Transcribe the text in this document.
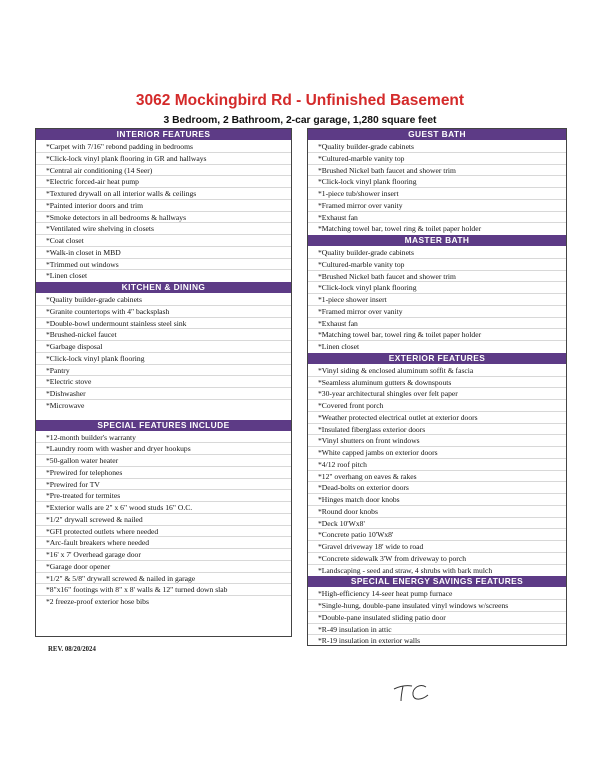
3062 Mockingbird Rd - Unfinished Basement
3 Bedroom, 2 Bathroom, 2-car garage, 1,280 square feet
INTERIOR FEATURES
*Carpet with 7/16" rebond padding in bedrooms
*Click-lock vinyl plank flooring in GR and hallways
*Central air conditioning (14 Seer)
*Electric forced-air heat pump
*Textured drywall on all interior walls & ceilings
*Painted interior doors and trim
*Smoke detectors in all bedrooms & hallways
*Ventilated wire shelving in closets
*Coat closet
*Walk-in closet in MBD
*Trimmed out windows
*Linen closet
KITCHEN & DINING
*Quality builder-grade cabinets
*Granite countertops with 4" backsplash
*Double-bowl undermount stainless steel sink
*Brushed-nickel faucet
*Garbage disposal
*Click-lock vinyl plank flooring
*Pantry
*Electric stove
*Dishwasher
*Microwave
SPECIAL FEATURES INCLUDE
*12-month builder's warranty
*Laundry room with washer and dryer hookups
*50-gallon water heater
*Prewired for telephones
*Prewired for TV
*Pre-treated for termites
*Exterior walls are 2" x 6" wood studs 16" O.C.
*1/2" drywall screwed & nailed
*GFI protected outlets where needed
*Arc-fault breakers where needed
*16' x 7' Overhead garage door
*Garage door opener
*1/2" & 5/8" drywall screwed & nailed in garage
*8"x16" footings with 8" x 8' walls & 12" turned down slab
*2 freeze-proof exterior hose bibs
GUEST BATH
*Quality builder-grade cabinets
*Cultured-marble vanity top
*Brushed Nickel bath faucet and shower trim
*Click-lock vinyl plank flooring
*1-piece tub/shower insert
*Framed mirror over vanity
*Exhaust fan
*Matching towel bar, towel ring & toilet paper holder
MASTER BATH
*Quality builder-grade cabinets
*Cultured-marble vanity top
*Brushed Nickel bath faucet and shower trim
*Click-lock vinyl plank flooring
*1-piece shower insert
*Framed mirror over vanity
*Exhaust fan
*Matching towel bar, towel ring & toilet paper holder
*Linen closet
EXTERIOR FEATURES
*Vinyl siding & enclosed aluminum soffit & fascia
*Seamless aluminum gutters & downspouts
*30-year architectural shingles over felt paper
*Covered front porch
*Weather protected electrical outlet at exterior doors
*Insulated fiberglass exterior doors
*Vinyl shutters on front windows
*White capped jambs on exterior doors
*4/12 roof pitch
*12" overhang on eaves & rakes
*Dead-bolts on exterior doors
*Hinges match door knobs
*Round door knobs
*Deck 10'Wx8'
*Concrete patio 10'Wx8'
*Gravel driveway 18' wide to road
*Concrete sidewalk 3'W from driveway to porch
*Landscaping - seed and straw, 4 shrubs with bark mulch
SPECIAL ENERGY SAVINGS FEATURES
*High-efficiency 14-seer heat pump furnace
*Single-hung, double-pane insulated vinyl windows w/screens
*Double-pane insulated sliding patio door
*R-49 insulation in attic
*R-19 insulation in exterior walls
REV. 08/20/2024
